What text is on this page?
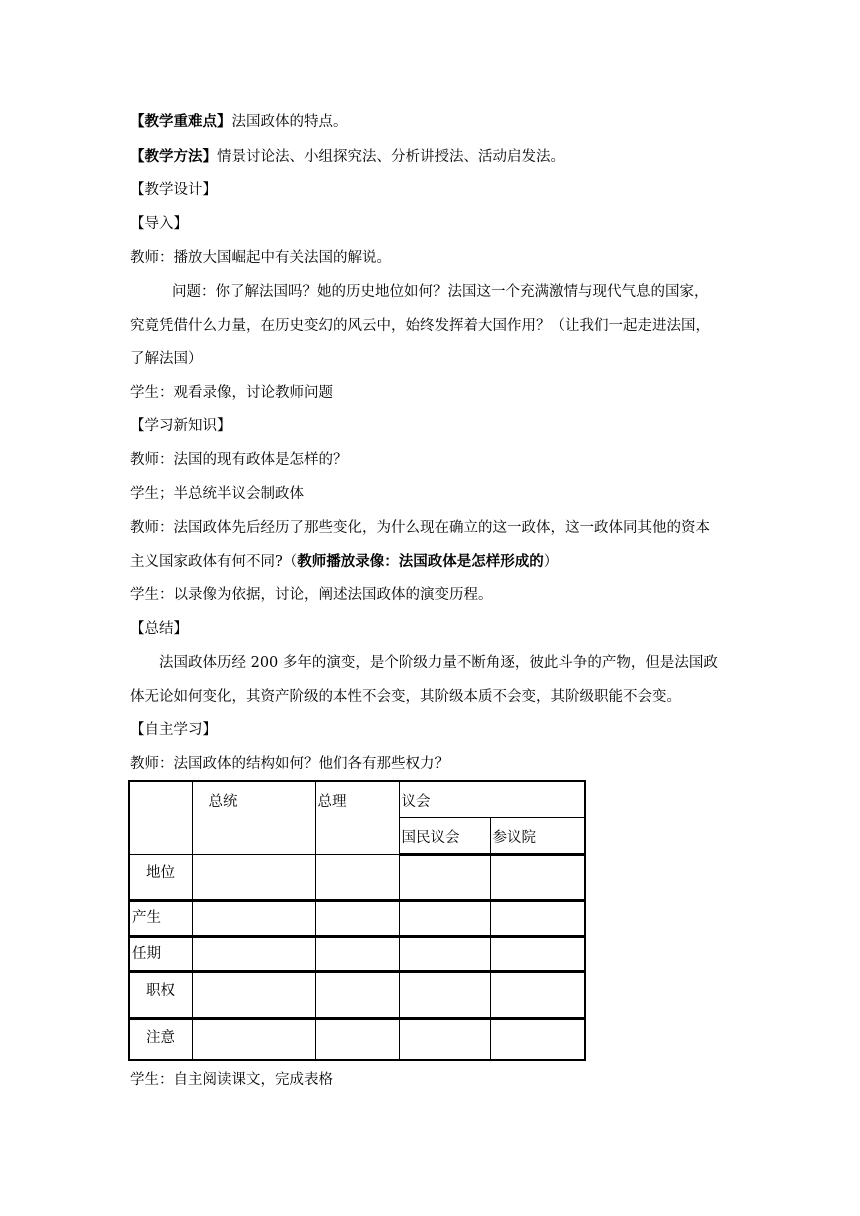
【教学重难点】法国政体的特点。
【教学方法】情景讨论法、小组探究法、分析讲授法、活动启发法。
【教学设计】
【导入】
教师：播放大国崛起中有关法国的解说。
问题：你了解法国吗？她的历史地位如何？法国这一个充满激情与现代气息的国家，
究竟凭借什么力量，在历史变幻的风云中，始终发挥着大国作用？（让我们一起走进法国，
了解法国）
学生：观看录像，讨论教师问题
【学习新知识】
教师：法国的现有政体是怎样的？
学生；半总统半议会制政体
教师：法国政体先后经历了那些变化，为什么现在确立的这一政体，这一政体同其他的资本
主义国家政体有何不同?（教师播放录像：法国政体是怎样形成的）
学生：以录像为依据，讨论，阐述法国政体的演变历程。
【总结】
法国政体历经 200 多年的演变，是个阶级力量不断角逐，彼此斗争的产物，但是法国政
体无论如何变化，其资产阶级的本性不会变，其阶级本质不会变，其阶级职能不会变。
【自主学习】
教师：法国政体的结构如何？他们各有那些权力？
	总统	总理	议会	
			国民议会	参议院
地位				
产生				
任期				
职权				
注意				
学生：自主阅读课文，完成表格
